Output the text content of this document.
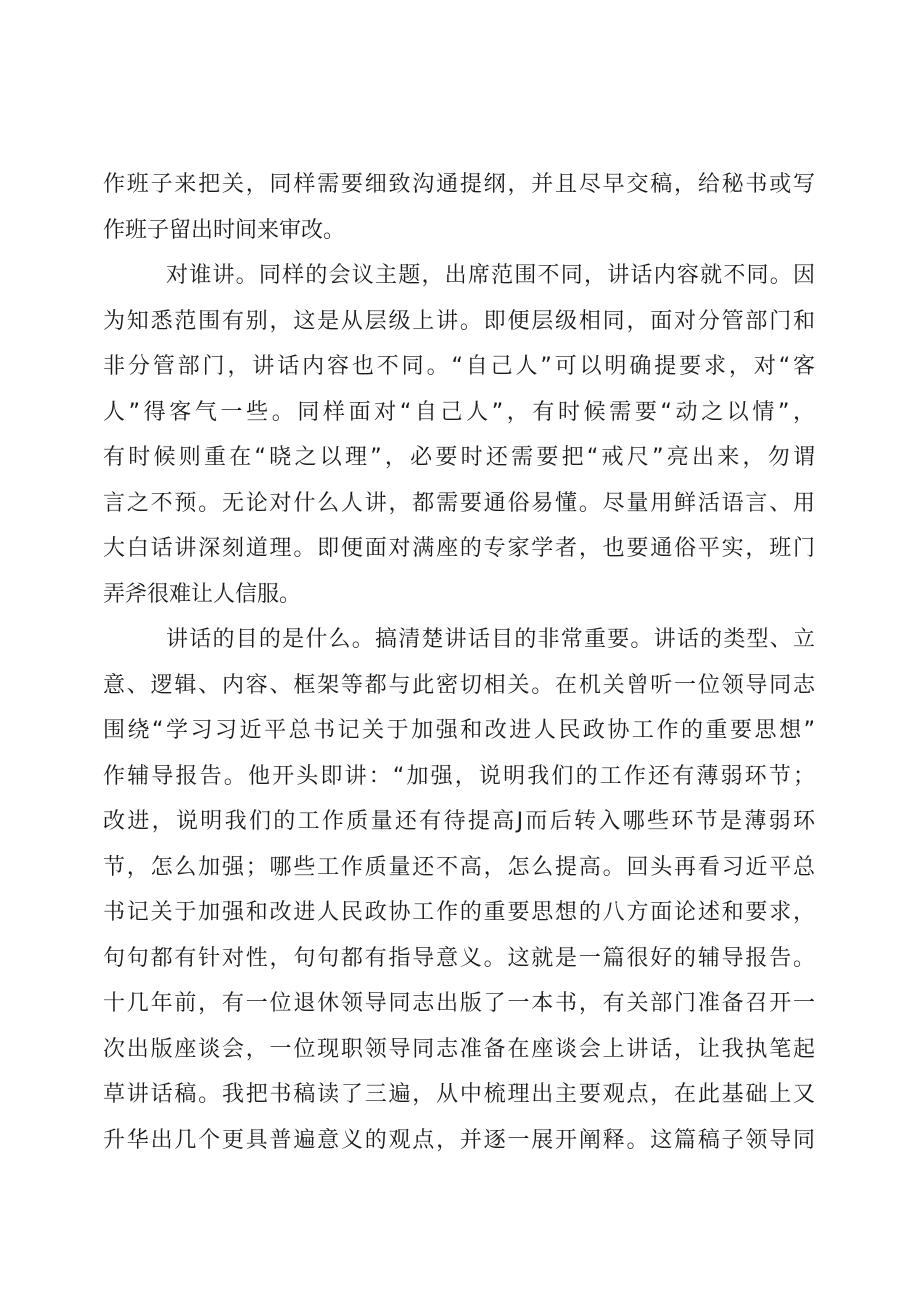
作班子来把关，同样需要细致沟通提纲，并且尽早交稿，给秘书或写
作班子留出时间来审改。
对谁讲。同样的会议主题，出席范围不同，讲话内容就不同。因
为知悉范围有别，这是从层级上讲。即便层级相同，面对分管部门和
非分管部门，讲话内容也不同。“自己人”可以明确提要求，对“客
人”得客气一些。同样面对“自己人”，有时候需要“动之以情”，
有时候则重在“晓之以理”，必要时还需要把“戒尺”亮出来，勿谓
言之不预。无论对什么人讲，都需要通俗易懂。尽量用鲜活语言、用
大白话讲深刻道理。即便面对满座的专家学者，也要通俗平实，班门
弄斧很难让人信服。
讲话的目的是什么。搞清楚讲话目的非常重要。讲话的类型、立
意、逻辑、内容、框架等都与此密切相关。在机关曾听一位领导同志
围绕“学习习近平总书记关于加强和改进人民政协工作的重要思想”
作辅导报告。他开头即讲：“加强，说明我们的工作还有薄弱环节；
改进，说明我们的工作质量还有待提高J而后转入哪些环节是薄弱环
节，怎么加强；哪些工作质量还不高，怎么提高。回头再看习近平总
书记关于加强和改进人民政协工作的重要思想的八方面论述和要求，
句句都有针对性，句句都有指导意义。这就是一篇很好的辅导报告。
十几年前，有一位退休领导同志出版了一本书，有关部门准备召开一
次出版座谈会，一位现职领导同志准备在座谈会上讲话，让我执笔起
草讲话稿。我把书稿读了三遍，从中梳理出主要观点，在此基础上又
升华出几个更具普遍意义的观点，并逐一展开阐释。这篇稿子领导同
